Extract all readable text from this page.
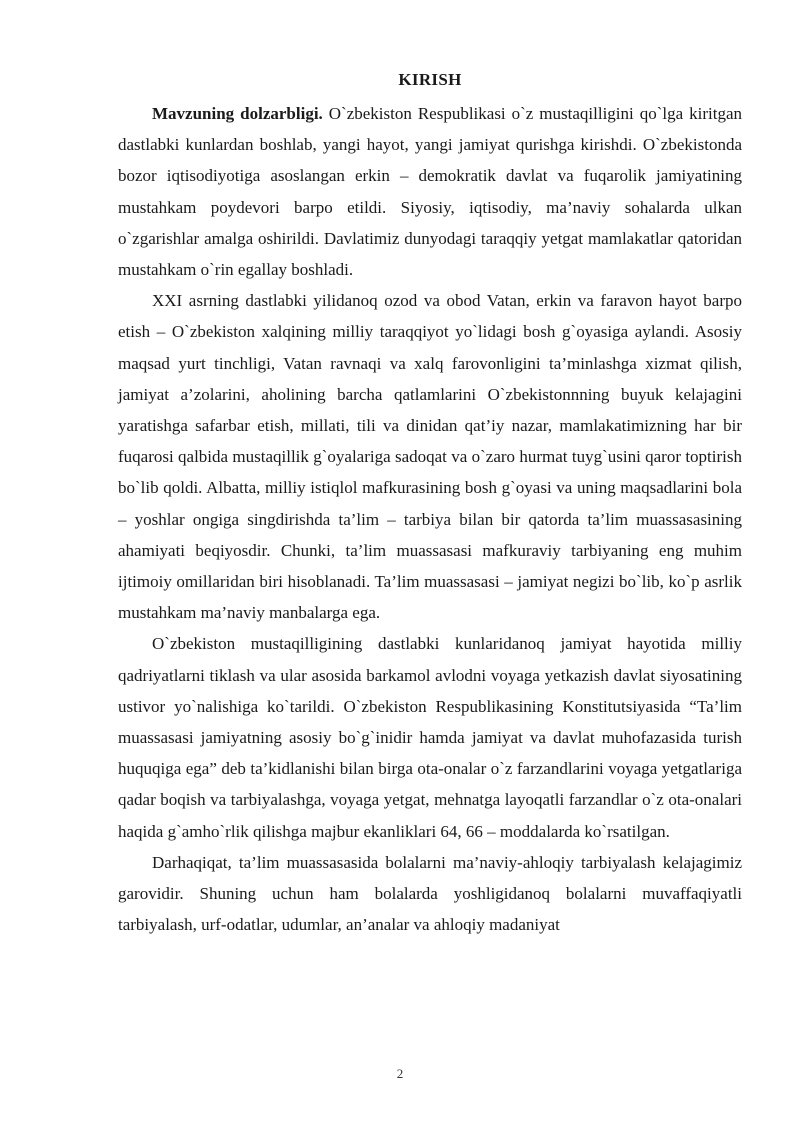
KIRISH

Mavzuning dolzarbligi. O`zbekiston Respublikasi o`z mustaqilligini qo`lga kiritgan dastlabki kunlardan boshlab, yangi hayot, yangi jamiyat qurishga kirishdi. O`zbekistonda bozor iqtisodiyotiga asoslangan erkin – demokratik davlat va fuqarolik jamiyatining mustahkam poydevori barpo etildi. Siyosiy, iqtisodiy, ma’naviy sohalarda ulkan o`zgarishlar amalga oshirildi. Davlatimiz dunyodagi taraqqiy yetgat mamlakatlar qatoridan mustahkam o`rin egallay boshladi.

XXI asrning dastlabki yilidanoq ozod va obod Vatan, erkin va faravon hayot barpo etish – O`zbekiston xalqining milliy taraqqiyot yo`lidagi bosh g`oyasiga aylandi. Asosiy maqsad yurt tinchligi, Vatan ravnaqi va xalq farovonligini ta’minlashga xizmat qilish, jamiyat a’zolarini, aholining barcha qatlamlarini O`zbekistonnning buyuk kelajagini yaratishga safarbar etish, millati, tili va dinidan qat’iy nazar, mamlakatimizning har bir fuqarosi qalbida mustaqillik g`oyalariga sadoqat va o`zaro hurmat tuyg`usini qaror toptirish bo`lib qoldi. Albatta, milliy istiqlol mafkurasining bosh g`oyasi va uning maqsadlarini bola – yoshlar ongiga singdirishda ta’lim – tarbiya bilan bir qatorda ta’lim muassasasining ahamiyati beqiyosdir. Chunki, ta’lim muassasasi mafkuraviy tarbiyaning eng muhim ijtimoiy omillaridan biri hisoblanadi. Ta’lim muassasasi – jamiyat negizi bo`lib, ko`p asrlik mustahkam ma’naviy manbalarga ega.

O`zbekiston mustaqilligining dastlabki kunlaridanoq jamiyat hayotida milliy qadriyatlarni tiklash va ular asosida barkamol avlodni voyaga yetkazish davlat siyosatining ustivor yo`nalishiga ko`tarildi. O`zbekiston Respublikasining Konstitutsiyasida “Ta’lim muassasasi jamiyatning asosiy bo`g`inidir hamda jamiyat va davlat muhofazasida turish huquqiga ega” deb ta’kidlanishi bilan birga ota-onalar o`z farzandlarini voyaga yetgatlariga qadar boqish va tarbiyalashga, voyaga yetgat, mehnatga layoqatli farzandlar o`z ota-onalari haqida g`amho`rlik qilishga majbur ekanliklari 64, 66 – moddalarda ko`rsatilgan.

Darhaqiqat, ta’lim muassasasida bolalarni ma’naviy-ahloqiy tarbiyalash kelajagimiz garovidir. Shuning uchun ham bolalarda yoshligidanoq bolalarni muvaffaqiyatli tarbiyalash, urf-odatlar, udumlar, an’analar va ahloqiy madaniyat

2
